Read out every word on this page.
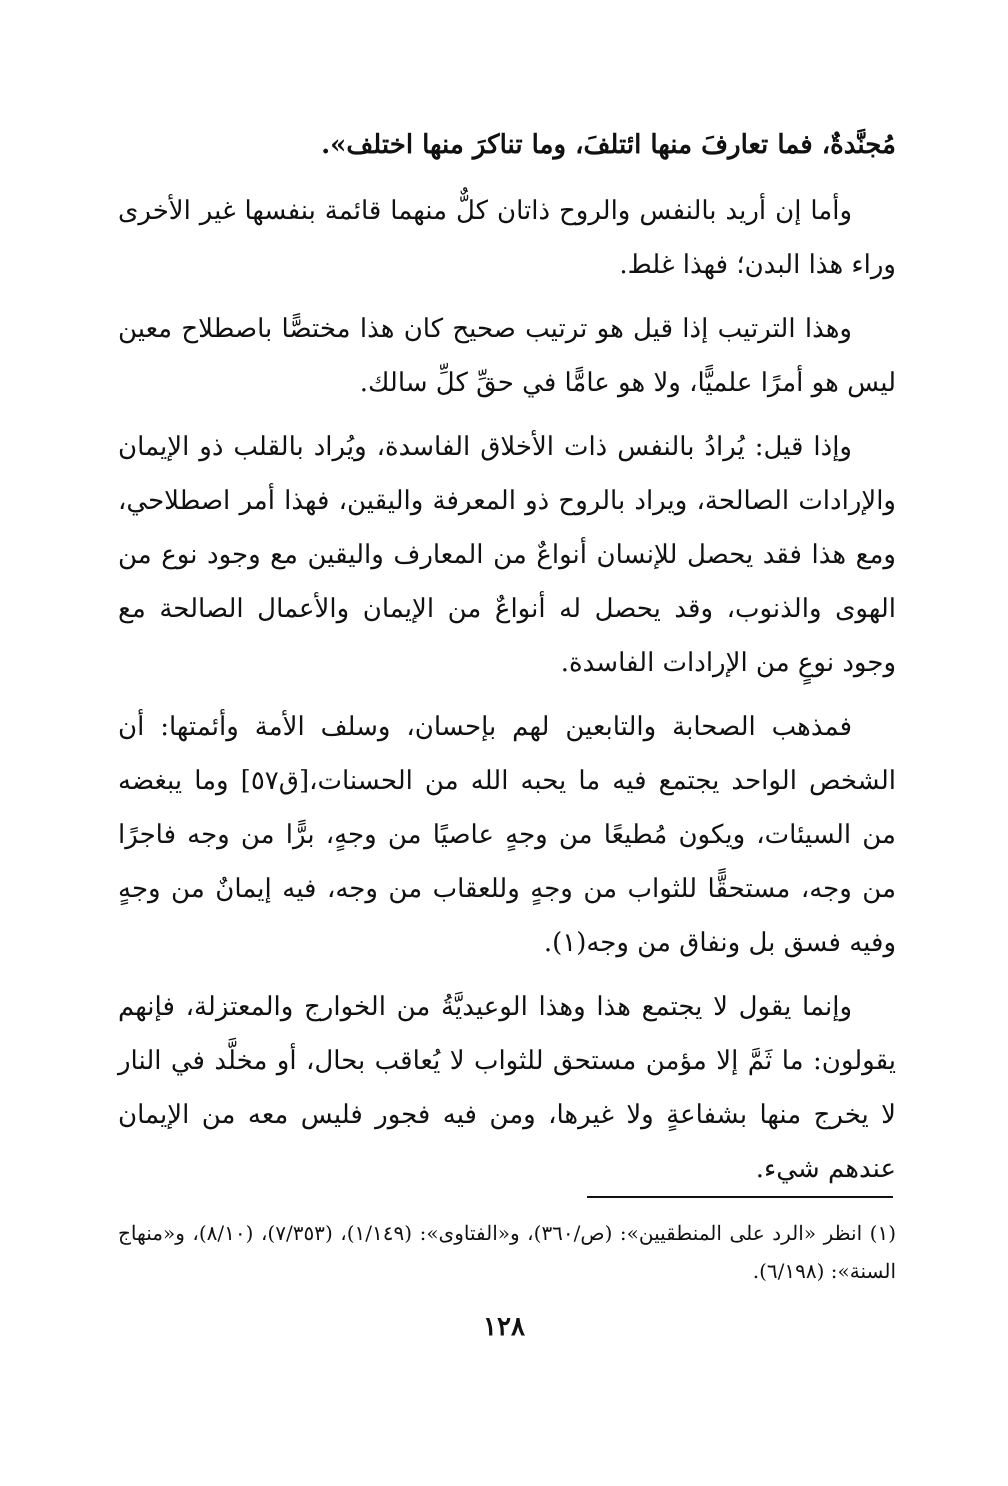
مُجنَّدةٌ، فما تعارفَ منها ائتلفَ، وما تناكرَ منها اختلف».

وأما إن أريد بالنفس والروح ذاتان كلٌّ منهما قائمة بنفسها غير الأخرى وراء هذا البدن؛ فهذا غلط.

وهذا الترتيب إذا قيل هو ترتيب صحيح كان هذا مختصًّا باصطلاح معين ليس هو أمرًا علميًّا، ولا هو عامًّا في حقِّ كلِّ سالك.

وإذا قيل: يُرادُ بالنفس ذات الأخلاق الفاسدة، ويُراد بالقلب ذو الإيمان والإرادات الصالحة، ويراد بالروح ذو المعرفة واليقين، فهذا أمر اصطلاحي، ومع هذا فقد يحصل للإنسان أنواعٌ من المعارف واليقين مع وجود نوع من الهوى والذنوب، وقد يحصل له أنواعٌ من الإيمان والأعمال الصالحة مع وجود نوعٍ من الإرادات الفاسدة.

فمذهب الصحابة والتابعين لهم بإحسان، وسلف الأمة وأئمتها: أن الشخص الواحد يجتمع فيه ما يحبه الله من الحسنات،[ق٥٧] وما يبغضه من السيئات، ويكون مُطيعًا من وجهٍ عاصيًا من وجهٍ، برًّا من وجه فاجرًا من وجه، مستحقًّا للثواب من وجهٍ وللعقاب من وجه، فيه إيمانٌ من وجهٍ وفيه فسق بل ونفاق من وجه(١).

وإنما يقول لا يجتمع هذا وهذا الوعيديَّةُ من الخوارج والمعتزلة، فإنهم يقولون: ما ثَمَّ إلا مؤمن مستحق للثواب لا يُعاقب بحال، أو مخلَّد في النار لا يخرج منها بشفاعةٍ ولا غيرها، ومن فيه فجور فليس معه من الإيمان عندهم شيء.

(١) انظر «الرد على المنطقيين»: (ص/٣٦٠)، و«الفتاوى»: (١/١٤٩)، (٧/٣٥٣)، (٨/١٠)، و«منهاج السنة»: (٦/١٩٨).

١٢٨
